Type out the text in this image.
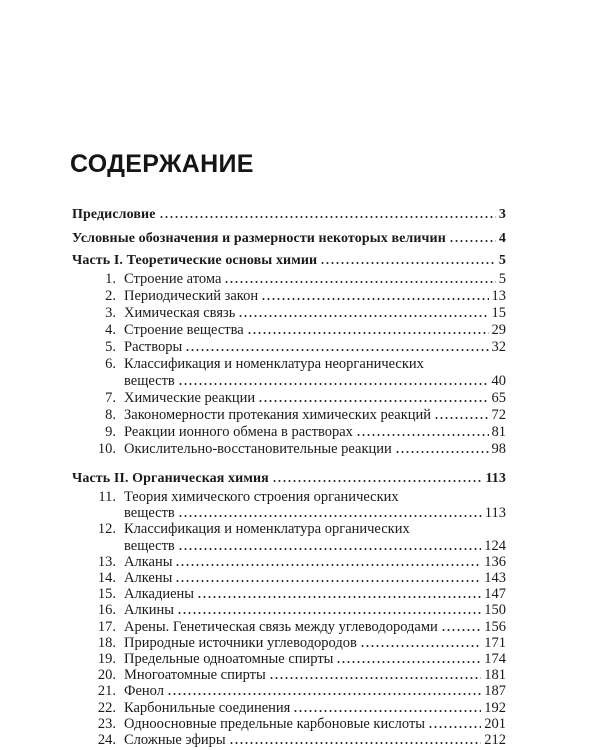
СОДЕРЖАНИЕ
Предисловие	3
Условные обозначения и размерности некоторых величин	4
Часть I. Теоретические основы химии	5
1. Строение атома	5
2. Периодический закон	13
3. Химическая связь	15
4. Строение вещества	29
5. Растворы	32
6. Классификация и номенклатура неорганических
веществ	40
7. Химические реакции	65
8. Закономерности протекания химических реакций	72
9. Реакции ионного обмена в растворах	81
10. Окислительно-восстановительные реакции	98
Часть II. Органическая химия	113
11. Теория химического строения органических
веществ	113
12. Классификация и номенклатура органических
веществ	124
13. Алканы	136
14. Алкены	143
15. Алкадиены	147
16. Алкины	150
17. Арены. Генетическая связь между углеводородами	156
18. Природные источники углеводородов	171
19. Предельные одноатомные спирты	174
20. Многоатомные спирты	181
21. Фенол	187
22. Карбонильные соединения	192
23. Одноосновные предельные карбоновые кислоты	201
24. Сложные эфиры	212
